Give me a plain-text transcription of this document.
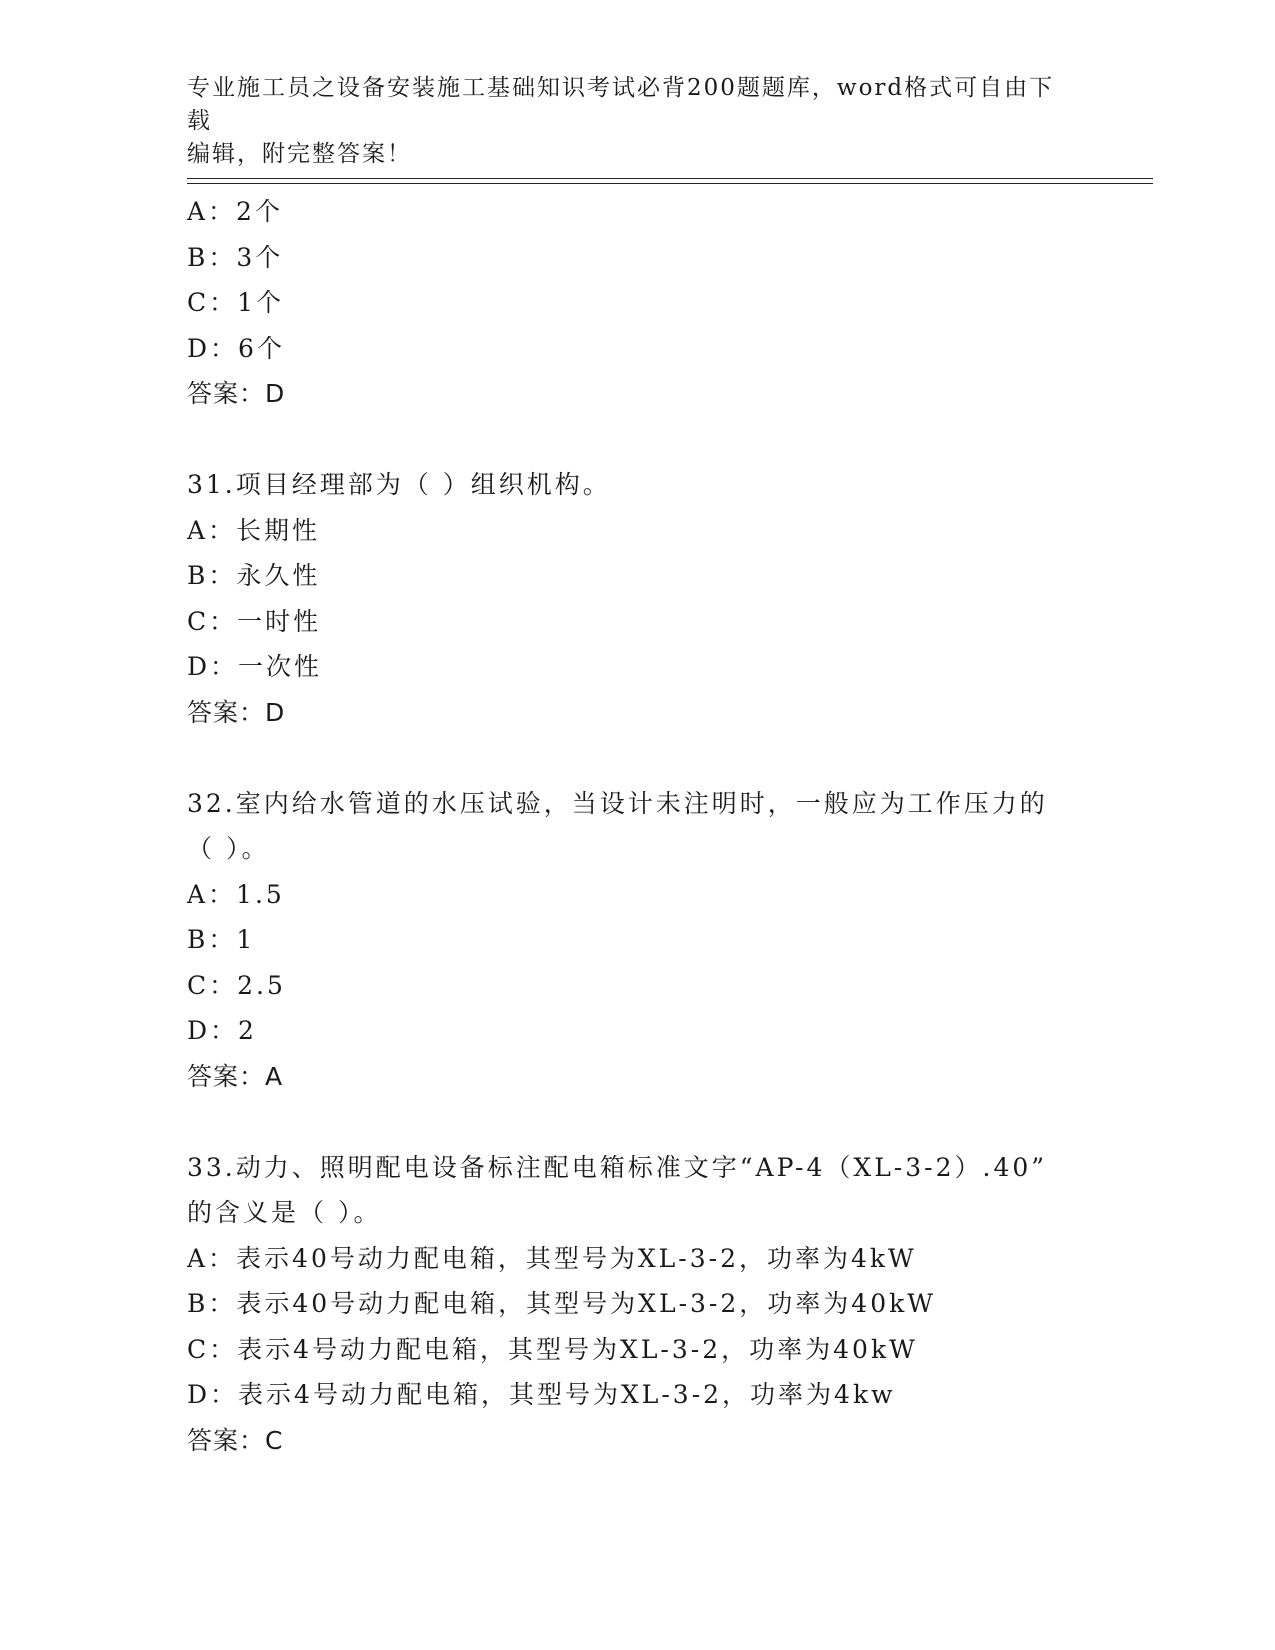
专业施工员之设备安装施工基础知识考试必背200题题库，word格式可自由下载
编辑，附完整答案！
A：2个
B：3个
C：1个
D：6个
答案：D
31.项目经理部为（ ）组织机构。
A：长期性
B：永久性
C：一时性
D：一次性
答案：D
32.室内给水管道的水压试验，当设计未注明时，一般应为工作压力的
（ ）。
A：1.5
B：1
C：2.5
D：2
答案：A
33.动力、照明配电设备标注配电箱标准文字“AP-4（XL-3-2）.40”
的含义是（ ）。
A：表示40号动力配电箱，其型号为XL-3-2，功率为4kW
B：表示40号动力配电箱，其型号为XL-3-2，功率为40kW
C：表示4号动力配电箱，其型号为XL-3-2，功率为40kW
D：表示4号动力配电箱，其型号为XL-3-2，功率为4kw
答案：C
